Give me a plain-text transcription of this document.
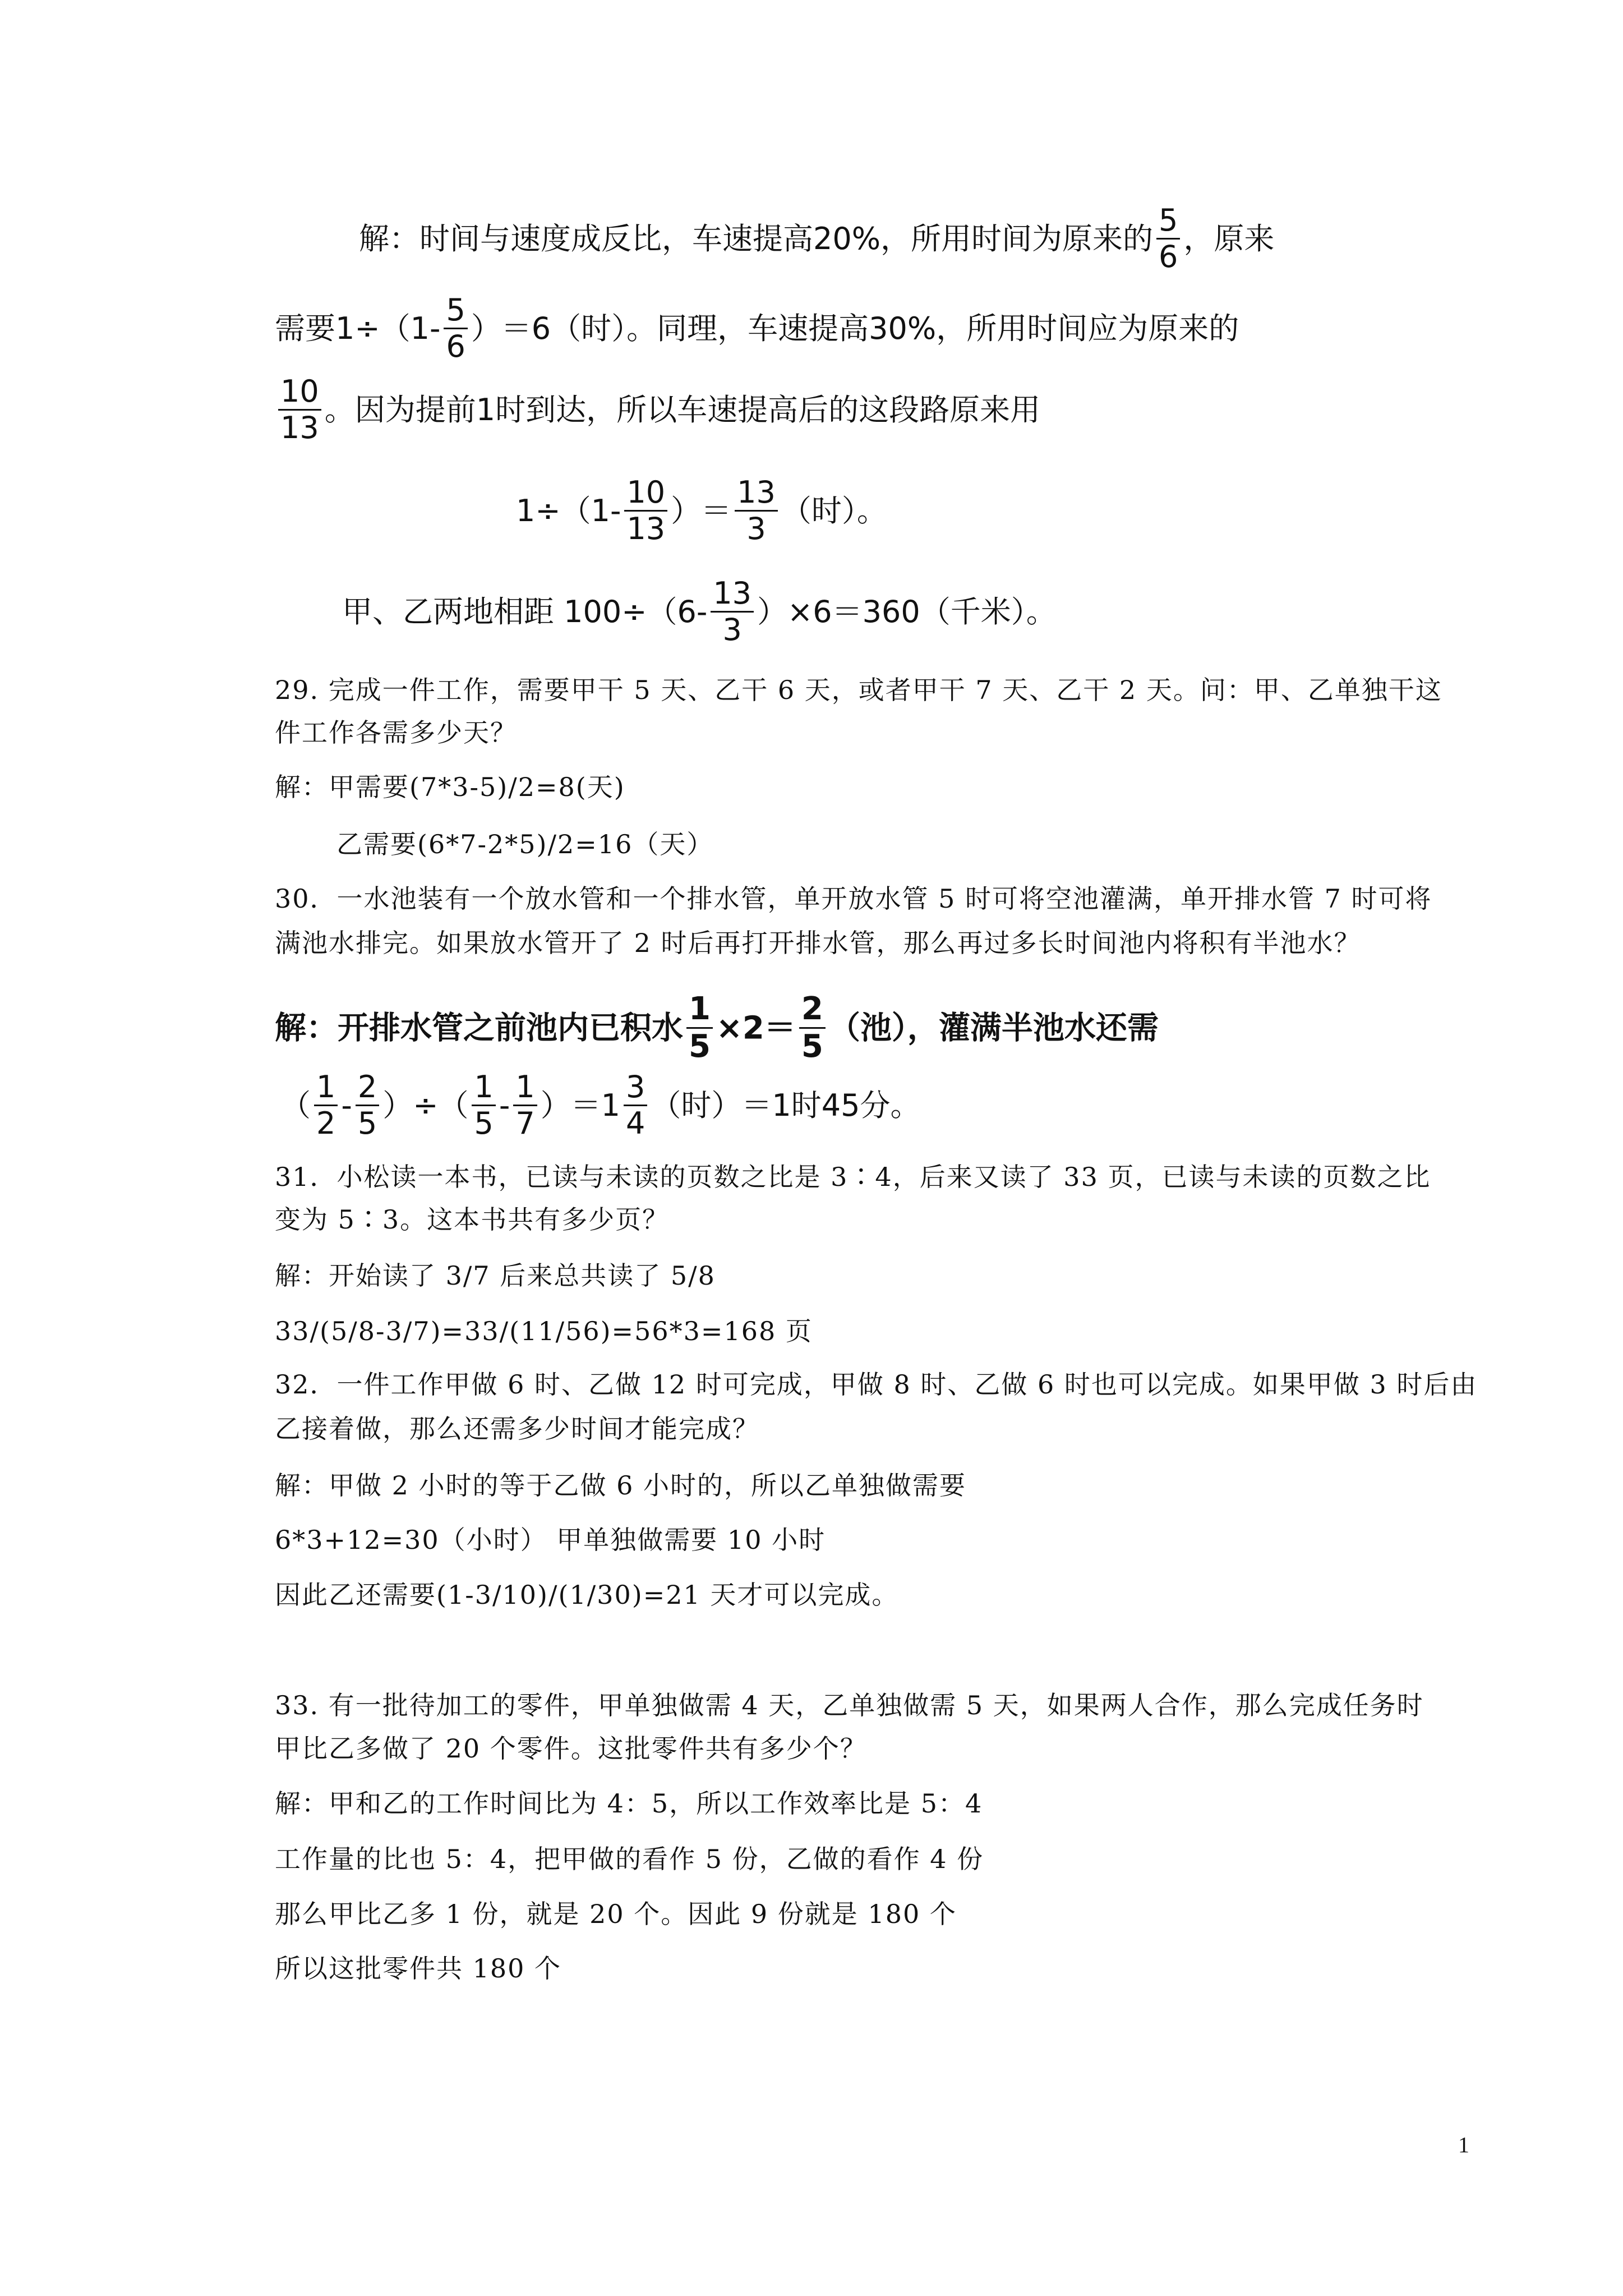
解：时间与速度成反比，车速提高20%，所用时间为原来的 $\frac{5}{6}$ ，原来
需要$1\div(1- \frac{5}{6} )=6$（时）。同理，车速提高30%，所用时间应为原来的
$\frac{10}{13}$ 。因为提前1时到达，所以车速提高后的这段路原来用
$1\div(1- \frac{10}{13}$ ）＝ $\frac{13}{3}$ （时）。
甲、乙两地相距 $100\div(6- \frac{13}{3} )\times 6=360$（千米）。
29. 完成一件工作，需要甲干 5 天、乙干 6 天，或者甲干 7 天、乙干 2 天。问：甲、乙单独干这
件工作各需多少天？
解：甲需要(7*3-5)/2=8(天)
乙需要(6*7-2*5)/2=16（天）
30．一水池装有一个放水管和一个排水管，单开放水管 5 时可将空池灌满，单开排水管 7 时可将
满池水排完。如果放水管开了 2 时后再打开排水管，那么再过多长时间池内将积有半池水？
解：开排水管之前池内已积水 $\frac{1}{5} \times 2= \frac{2}{5}$ （池），灌满半池水还需
（ $\frac{1}{2} - \frac{2}{5}$ ）÷（ $\frac{1}{5} - \frac{1}{7} )=1 \frac{3}{4}$ （时）＝1时45分。
31．小松读一本书，已读与未读的页数之比是 3∶4，后来又读了 33 页，已读与未读的页数之比
变为 5∶3。这本书共有多少页？
解：开始读了 3/7 后来总共读了 5/8
33/(5/8-3/7)=33/(11/56)=56*3=168 页
32．一件工作甲做 6 时、乙做 12 时可完成，甲做 8 时、乙做 6 时也可以完成。如果甲做 3 时后由
乙接着做，那么还需多少时间才能完成？
解：甲做 2 小时的等于乙做 6 小时的，所以乙单独做需要
6*3+12=30（小时） 甲单独做需要 10 小时
因此乙还需要(1-3/10)/(1/30)=21 天才可以完成。
33. 有一批待加工的零件，甲单独做需 4 天，乙单独做需 5 天，如果两人合作，那么完成任务时
甲比乙多做了 20 个零件。这批零件共有多少个？
解：甲和乙的工作时间比为 4：5，所以工作效率比是 5：4
工作量的比也 5：4，把甲做的看作 5 份，乙做的看作 4 份
那么甲比乙多 1 份，就是 20 个。因此 9 份就是 180 个
所以这批零件共 180 个
1
